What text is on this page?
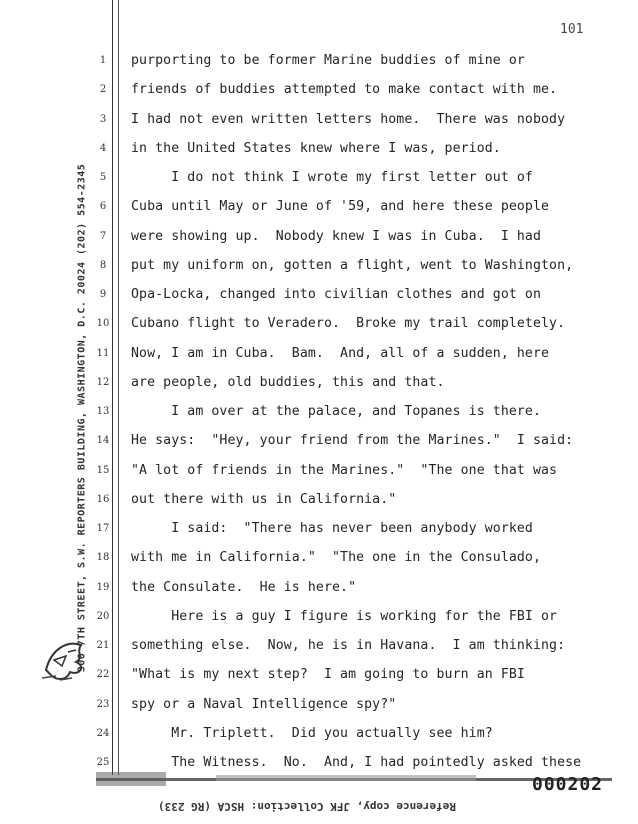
101
300 7TH STREET, S.W. REPORTERS BUILDING, WASHINGTON, D.C. 20024 (202) 554-2345
1
2
3
4
5
6
7
8
9
10
11
12
13
14
15
16
17
18
19
20
21
22
23
24
25
purporting to be former Marine buddies of mine or
friends of buddies attempted to make contact with me.
I had not even written letters home.  There was nobody
in the United States knew where I was, period.
I do not think I wrote my first letter out of
Cuba until May or June of '59, and here these people
were showing up.  Nobody knew I was in Cuba.  I had
put my uniform on, gotten a flight, went to Washington,
Opa-Locka, changed into civilian clothes and got on
Cubano flight to Veradero.  Broke my trail completely.
Now, I am in Cuba.  Bam.  And, all of a sudden, here
are people, old buddies, this and that.
I am over at the palace, and Topanes is there.
He says:  "Hey, your friend from the Marines."  I said:
"A lot of friends in the Marines."  "The one that was
out there with us in California."
I said:  "There has never been anybody worked
with me in California."  "The one in the Consulado,
the Consulate.  He is here."
Here is a guy I figure is working for the FBI or
something else.  Now, he is in Havana.  I am thinking:
"What is my next step?  I am going to burn an FBI
spy or a Naval Intelligence spy?"
Mr. Triplett.  Did you actually see him?
The Witness.  No.  And, I had pointedly asked these
Reference copy, JFK Collection: HSCA (RG 233)
000202
